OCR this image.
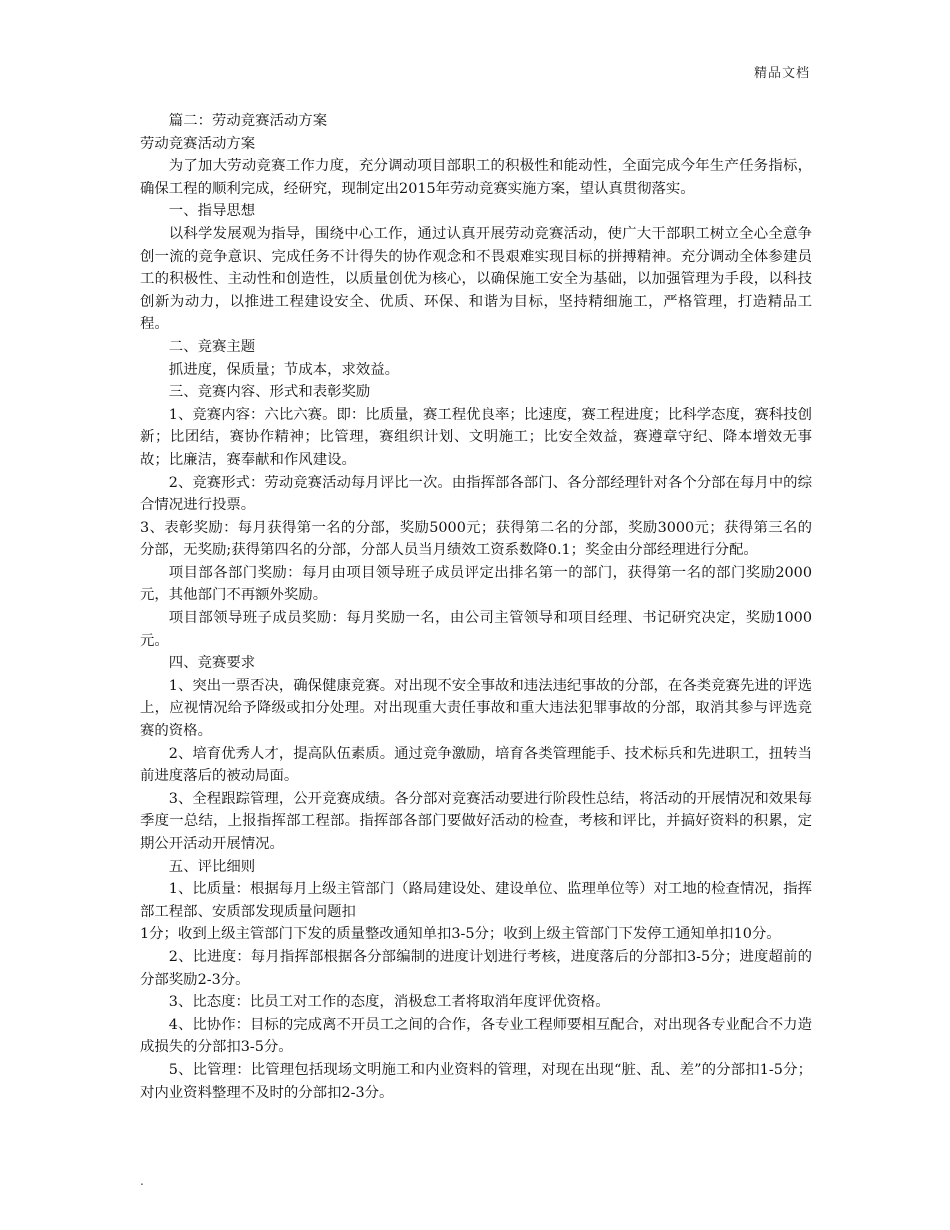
精品文档

篇二：劳动竞赛活动方案

劳动竞赛活动方案

为了加大劳动竞赛工作力度，充分调动项目部职工的积极性和能动性，全面完成今年生产任务指标，确保工程的顺利完成，经研究，现制定出2015年劳动竞赛实施方案，望认真贯彻落实。

一、指导思想

以科学发展观为指导，围绕中心工作，通过认真开展劳动竞赛活动，使广大干部职工树立全心全意争创一流的竞争意识、完成任务不计得失的协作观念和不畏艰难实现目标的拼搏精神。充分调动全体参建员工的积极性、主动性和创造性，以质量创优为核心，以确保施工安全为基础，以加强管理为手段，以科技创新为动力，以推进工程建设安全、优质、环保、和谐为目标，坚持精细施工，严格管理，打造精品工程。

二、竞赛主题

抓进度，保质量；节成本，求效益。

三、竞赛内容、形式和表彰奖励

1、竞赛内容：六比六赛。即：比质量，赛工程优良率；比速度，赛工程进度；比科学态度，赛科技创新；比团结，赛协作精神；比管理，赛组织计划、文明施工；比安全效益，赛遵章守纪、降本增效无事故；比廉洁，赛奉献和作风建设。

2、竞赛形式：劳动竞赛活动每月评比一次。由指挥部各部门、各分部经理针对各个分部在每月中的综合情况进行投票。

3、表彰奖励：每月获得第一名的分部，奖励5000元；获得第二名的分部，奖励3000元；获得第三名的分部，无奖励;获得第四名的分部，分部人员当月绩效工资系数降0.1；奖金由分部经理进行分配。

项目部各部门奖励：每月由项目领导班子成员评定出排名第一的部门，获得第一名的部门奖励2000元，其他部门不再额外奖励。

项目部领导班子成员奖励：每月奖励一名，由公司主管领导和项目经理、书记研究决定，奖励1000元。

四、竞赛要求

1、突出一票否决，确保健康竞赛。对出现不安全事故和违法违纪事故的分部，在各类竞赛先进的评选上，应视情况给予降级或扣分处理。对出现重大责任事故和重大违法犯罪事故的分部，取消其参与评选竞赛的资格。

2、培育优秀人才，提高队伍素质。通过竞争激励，培育各类管理能手、技术标兵和先进职工，扭转当前进度落后的被动局面。

3、全程跟踪管理，公开竞赛成绩。各分部对竞赛活动要进行阶段性总结，将活动的开展情况和效果每季度一总结，上报指挥部工程部。指挥部各部门要做好活动的检查，考核和评比，并搞好资料的积累，定期公开活动开展情况。

五、评比细则

1、比质量：根据每月上级主管部门（路局建设处、建设单位、监理单位等）对工地的检查情况，指挥部工程部、安质部发现质量问题扣

1分；收到上级主管部门下发的质量整改通知单扣3-5分；收到上级主管部门下发停工通知单扣10分。

2、比进度：每月指挥部根据各分部编制的进度计划进行考核，进度落后的分部扣3-5分；进度超前的分部奖励2-3分。

3、比态度：比员工对工作的态度，消极怠工者将取消年度评优资格。

4、比协作：目标的完成离不开员工之间的合作，各专业工程师要相互配合，对出现各专业配合不力造成损失的分部扣3-5分。

5、比管理：比管理包括现场文明施工和内业资料的管理，对现在出现“脏、乱、差”的分部扣1-5分；对内业资料整理不及时的分部扣2-3分。

.
